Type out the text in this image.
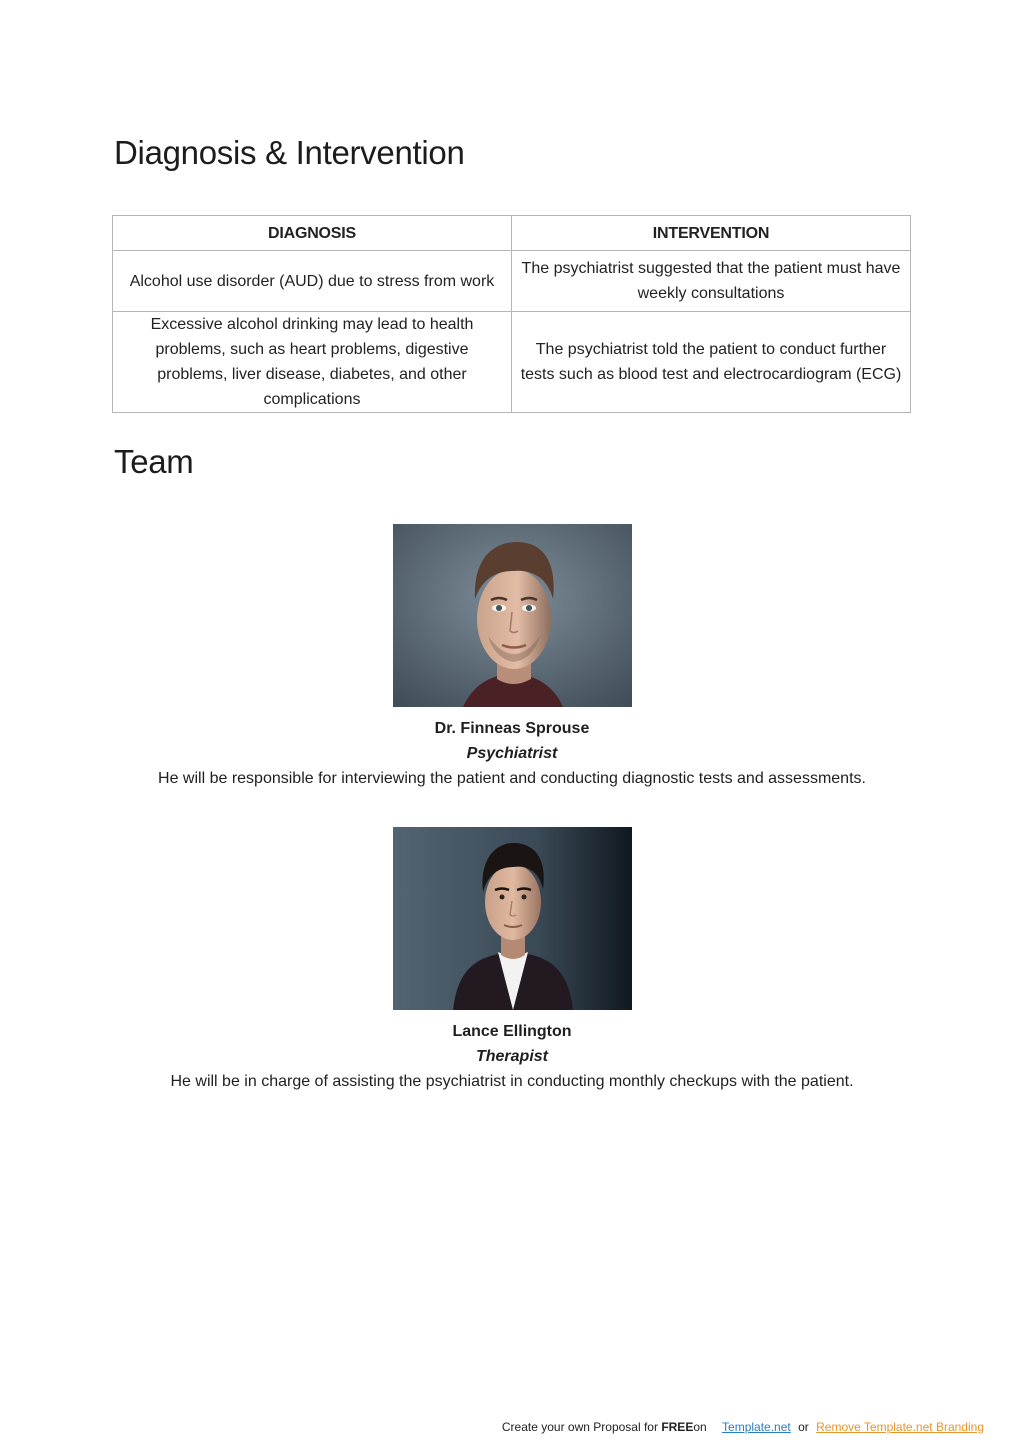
Diagnosis & Intervention
DIAGNOSIS	INTERVENTION
Alcohol use disorder (AUD) due to stress from work	The psychiatrist suggested that the patient must have weekly consultations
Excessive alcohol drinking may lead to health problems, such as heart problems, digestive problems, liver disease, diabetes, and other complications	The psychiatrist told the patient to conduct further tests such as blood test and electrocardiogram (ECG)
Team
Dr. Finneas Sprouse
Psychiatrist
He will be responsible for interviewing the patient and conducting diagnostic tests and assessments.
Lance Ellington
Therapist
He will be in charge of assisting the psychiatrist in conducting monthly checkups with the patient.
Create your own Proposal for FREEon Template.net or Remove Template.net Branding
